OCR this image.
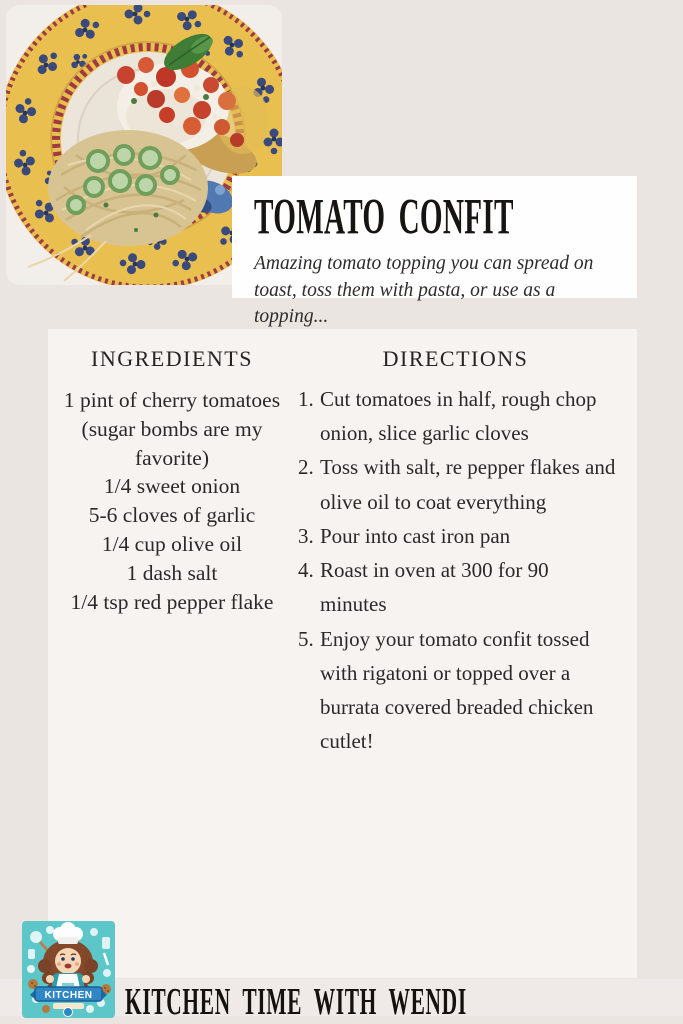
TOMATO CONFIT

Amazing tomato topping you can spread on toast, toss them with pasta, or use as a topping...

INGREDIENTS
1 pint of cherry tomatoes (sugar bombs are my favorite)
1/4 sweet onion
5-6 cloves of garlic
1/4 cup olive oil
1 dash salt
1/4 tsp red pepper flake
DIRECTIONS
1. Cut tomatoes in half, rough chop onion, slice garlic cloves
2. Toss with salt, re pepper flakes and olive oil to coat everything
3. Pour into cast iron pan
4. Roast in oven at 300 for 90 minutes
5. Enjoy your tomato confit tossed with rigatoni or topped over a burrata covered breaded chicken cutlet!
KITCHEN KITCHEN TIME WITH WENDI
